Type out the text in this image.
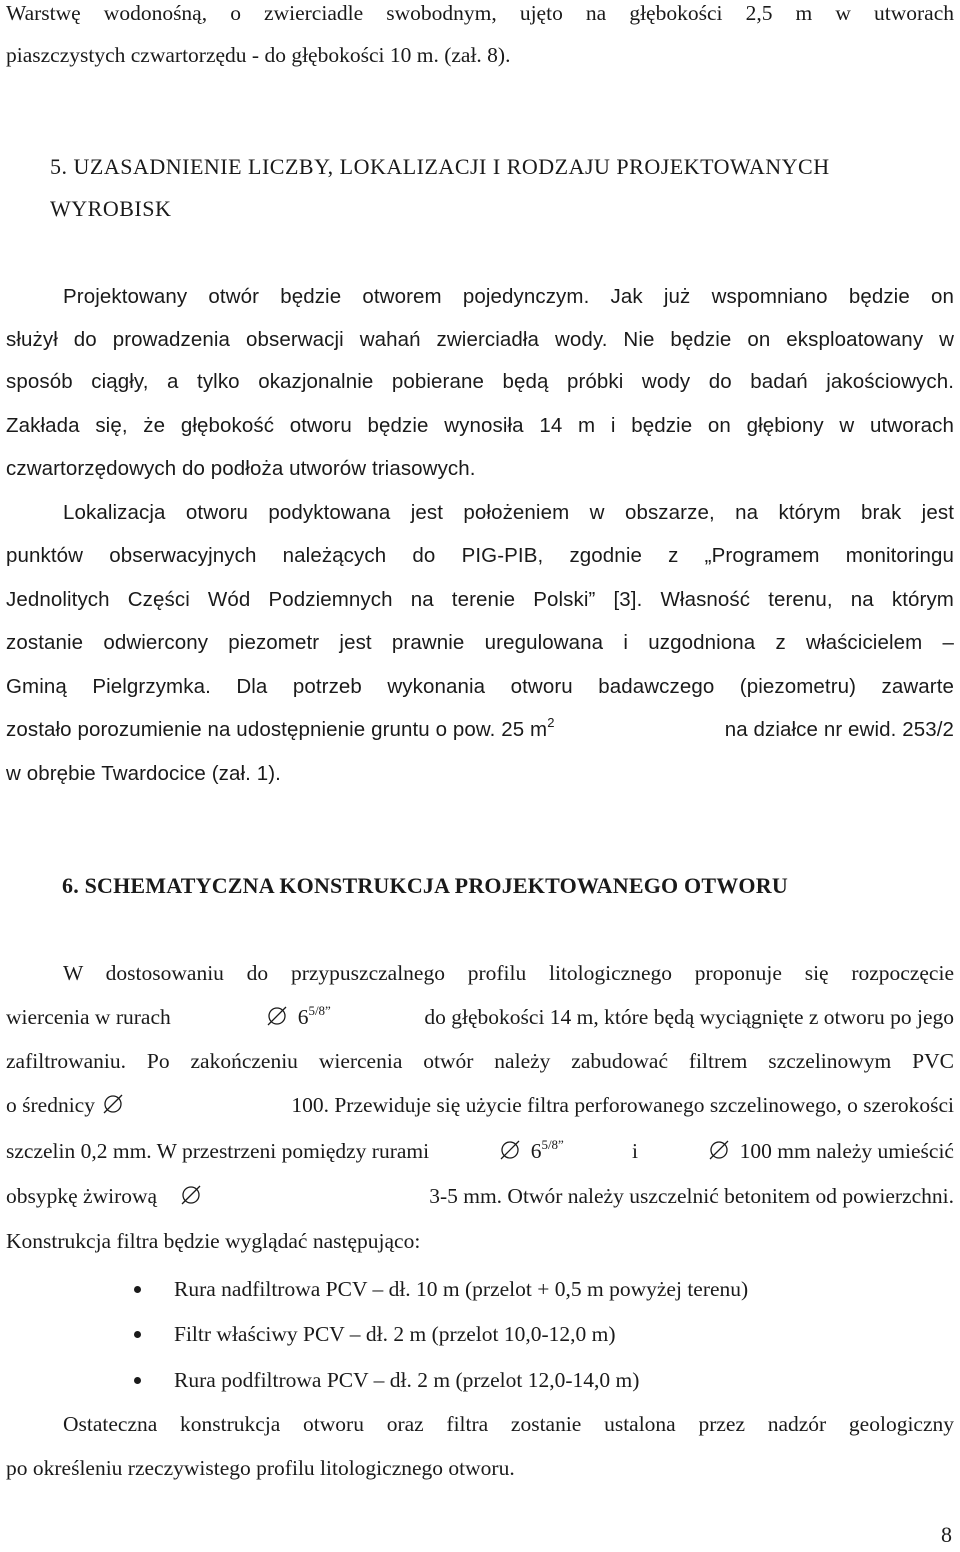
Warstwę wodonośną, o zwierciadle swobodnym, ujęto na głębokości 2,5 m w utworach
piaszczystych czwartorzędu - do głębokości 10 m. (zał. 8).
5. UZASADNIENIE LICZBY, LOKALIZACJI I RODZAJU PROJEKTOWANYCH
WYROBISK
Projektowany otwór będzie otworem pojedynczym. Jak już wspomniano będzie on
służył do prowadzenia obserwacji wahań zwierciadła wody. Nie będzie on eksploatowany w
sposób ciągły, a tylko okazjonalnie pobierane będą próbki wody do badań jakościowych.
Zakłada się, że głębokość otworu będzie wynosiła 14 m i będzie on głębiony w utworach
czwartorzędowych do podłoża utworów triasowych.
Lokalizacja otworu podyktowana jest położeniem w obszarze, na którym brak jest
punktów obserwacyjnych należących do PIG-PIB, zgodnie z „Programem monitoringu
Jednolitych Części Wód Podziemnych na terenie Polski” [3]. Własność terenu, na którym
zostanie odwiercony piezometr jest prawnie uregulowana i uzgodniona z właścicielem –
Gminą Pielgrzymka. Dla potrzeb wykonania otworu badawczego (piezometru) zawarte
zostało porozumienie na udostępnienie gruntu o pow. 25 $m^2$	na działce nr ewid. 253/2
w obrębie Twardocice (zał. 1).
6. SCHEMATYCZNA KONSTRUKCJA PROJEKTOWANEGO OTWORU
W dostosowaniu do przypuszczalnego profilu litologicznego proponuje się rozpoczęcie
wiercenia w rurach	$6^{5/8”}$	do głębokości 14 m, które będą wyciągnięte z otworu po jego
zafiltrowaniu. Po zakończeniu wiercenia otwór należy zabudować filtrem szczelinowym PVC
o średnicy	100. Przewiduje się użycie filtra perforowanego szczelinowego, o szerokości
szczelin 0,2 mm. W przestrzeni pomiędzy rurami	$6^{5/8”}$	i	100 mm należy umieścić
obsypkę żwirową	3-5 mm. Otwór należy uszczelnić betonitem od powierzchni.
Konstrukcja filtra będzie wyglądać następująco:
Rura nadfiltrowa PCV – dł. 10 m (przelot + 0,5 m powyżej terenu)
Filtr właściwy PCV – dł. 2 m (przelot 10,0-12,0 m)
Rura podfiltrowa PCV – dł. 2 m (przelot 12,0-14,0 m)
Ostateczna konstrukcja otworu oraz filtra zostanie ustalona przez nadzór geologiczny
po określeniu rzeczywistego profilu litologicznego otworu.
8
